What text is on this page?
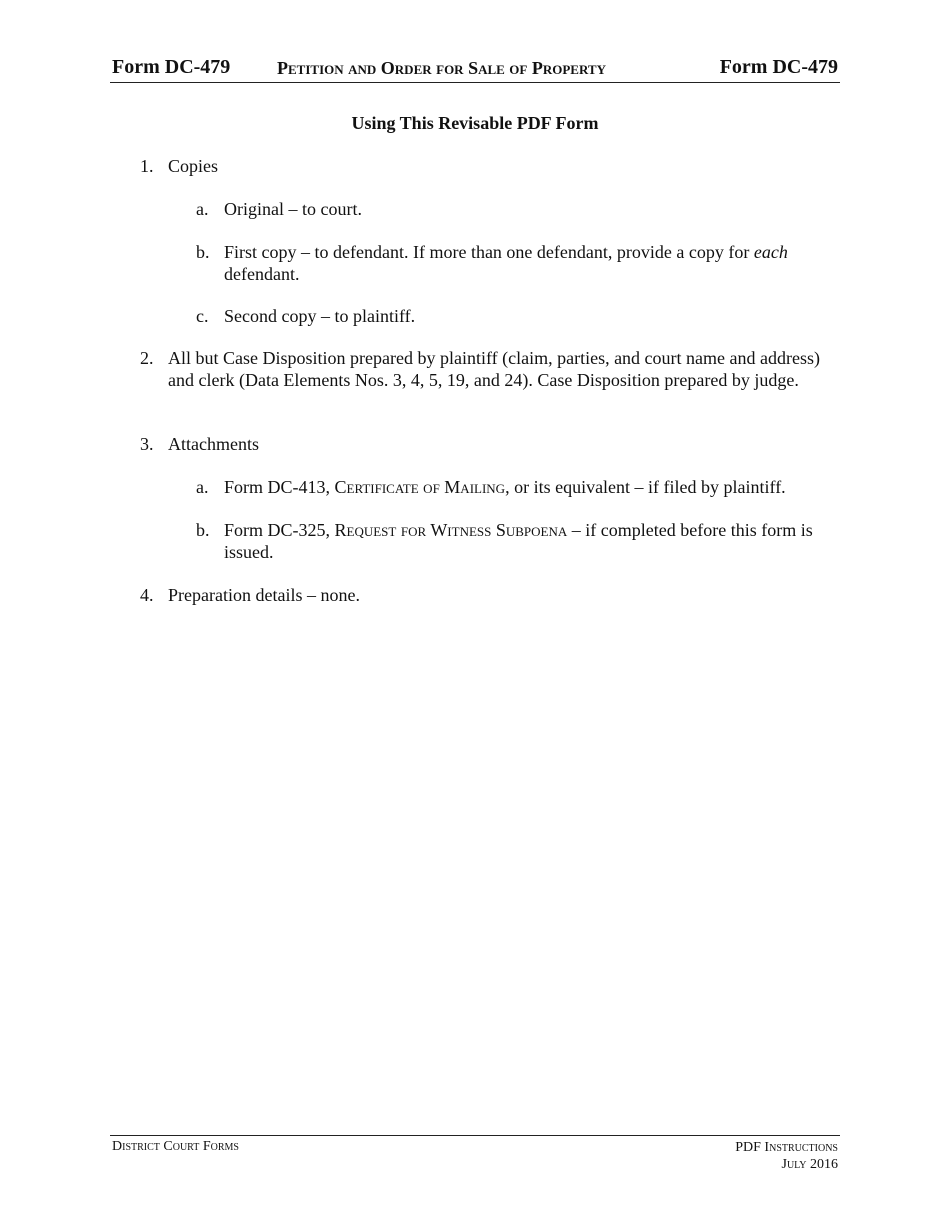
Form DC-479	Petition and Order for Sale of Property	Form DC-479
Using This Revisable PDF Form
1. Copies
a. Original – to court.
b. First copy – to defendant. If more than one defendant, provide a copy for each defendant.
c. Second copy – to plaintiff.
2. All but Case Disposition prepared by plaintiff (claim, parties, and court name and address) and clerk (Data Elements Nos. 3, 4, 5, 19, and 24). Case Disposition prepared by judge.
3. Attachments
a. Form DC-413, Certificate of Mailing, or its equivalent – if filed by plaintiff.
b. Form DC-325, Request for Witness Subpoena – if completed before this form is issued.
4. Preparation details – none.
District Court Forms	PDF Instructions
July 2016
